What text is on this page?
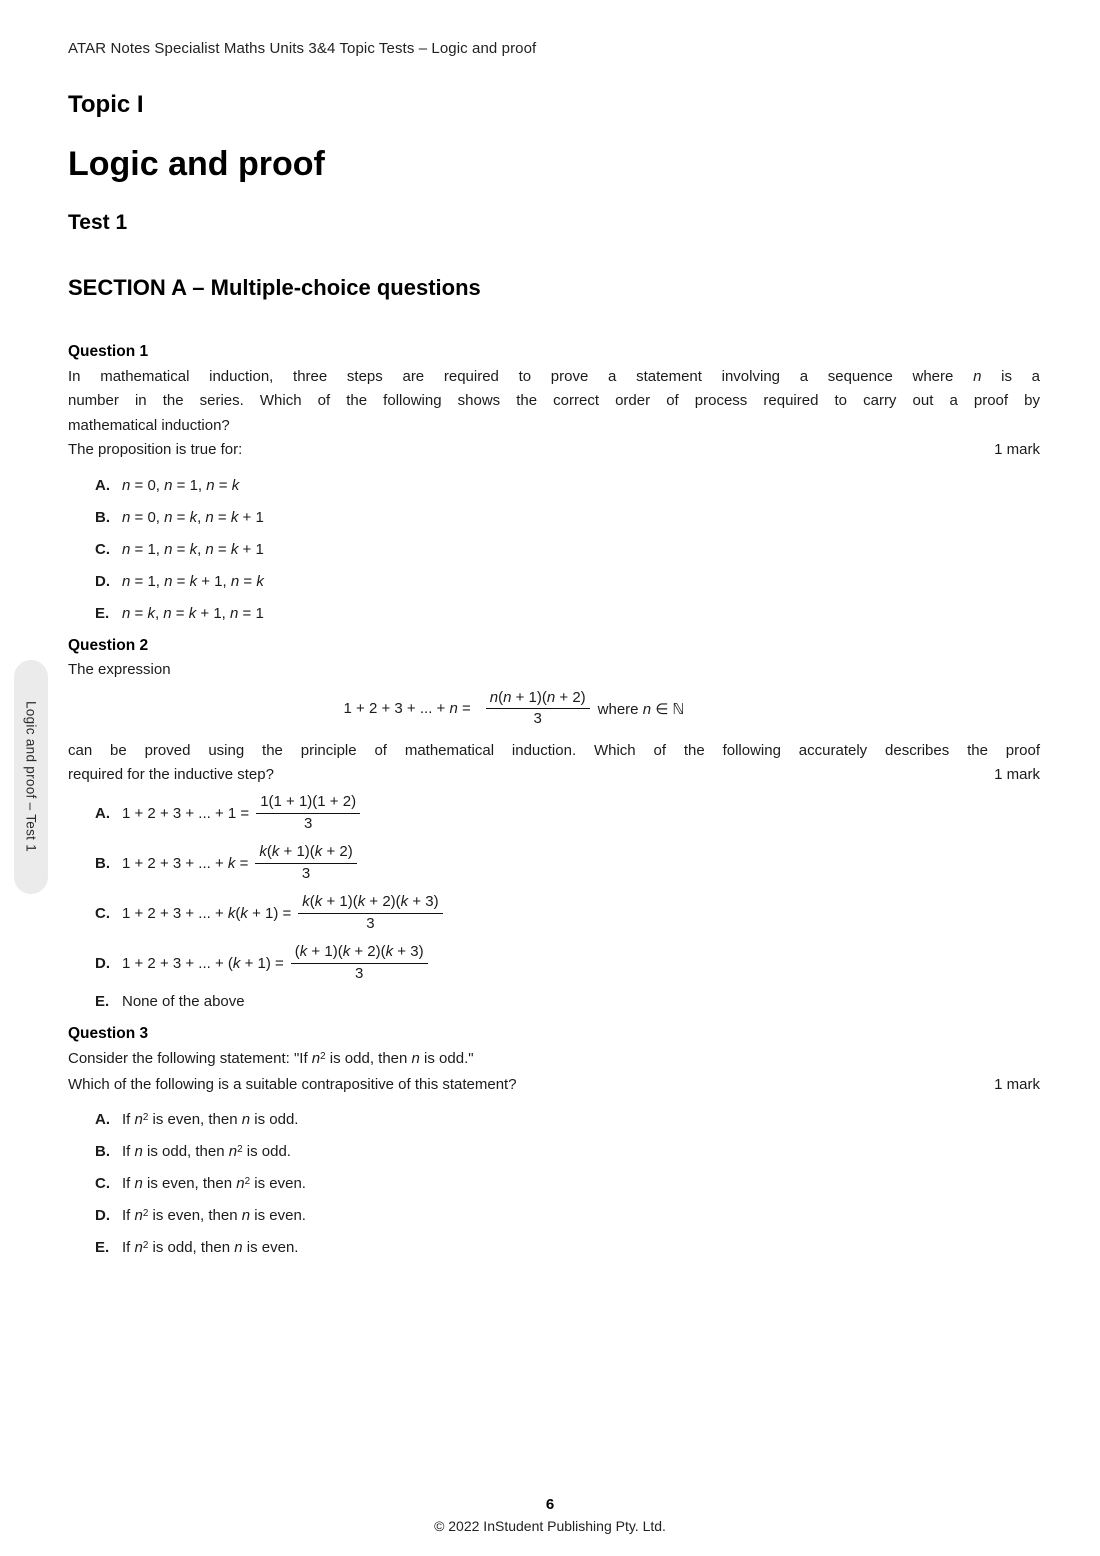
Logic and proof – Test 1
ATAR Notes Specialist Maths Units 3&4 Topic Tests – Logic and proof
Topic I
Logic and proof
Test 1
SECTION A – Multiple-choice questions
Question 1
In mathematical induction, three steps are required to prove a statement involving a sequence where n is a
number in the series. Which of the following shows the correct order of process required to carry out a proof by
mathematical induction?
The proposition is true for:	1 mark
A. n = 0, n = 1, n = k
B. n = 0, n = k, n = k + 1
C. n = 1, n = k, n = k + 1
D. n = 1, n = k + 1, n = k
E. n = k, n = k + 1, n = 1
Question 2
The expression
1 + 2 + 3 + ... + $n = \frac{n(n + 1)(n + 2)}{3}$ where n ∈ ℕ
can be proved using the principle of mathematical induction. Which of the following accurately describes the proof
required for the inductive step?	1 mark
A. 1 + 2 + 3 + ... + $1 = \frac{1(1 + 1)(1 + 2)}{3}$
B. 1 + 2 + 3 + ... + $k = \frac{k(k + 1)(k + 2)}{3}$
C. 1 + 2 + 3 + ... + $k(k + 1) = \frac{k(k + 1)(k + 2)(k + 3)}{3}$
D. 1 + 2 + 3 + ... + $(k + 1) = \frac{(k + 1)(k + 2)(k + 3)}{3}$
E. None of the above
Question 3
Consider the following statement: "If $n^2$ is odd, then n is odd."
Which of the following is a suitable contrapositive of this statement?	1 mark
A. If $n^2$ is even, then n is odd.
B. If n is odd, then $n^2$ is odd.
C. If n is even, then $n^2$ is even.
D. If $n^2$ is even, then n is even.
E. If $n^2$ is odd, then n is even.
6
© 2022 InStudent Publishing Pty. Ltd.
